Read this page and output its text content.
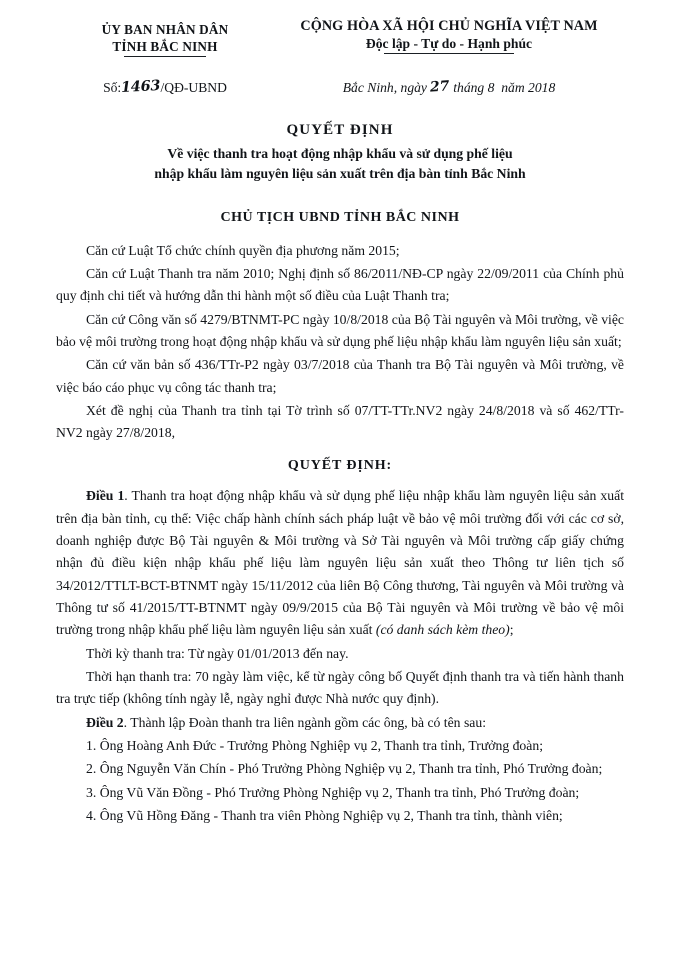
ỦY BAN NHÂN DÂN
TỈNH BẮC NINH
CỘNG HÒA XÃ HỘI CHỦ NGHĨA VIỆT NAM
Độc lập - Tự do - Hạnh phúc
Số:1463/QĐ-UBND	Bắc Ninh, ngày 27 tháng 8 năm 2018
QUYẾT ĐỊNH
Về việc thanh tra hoạt động nhập khẩu và sử dụng phế liệu
nhập khẩu làm nguyên liệu sản xuất trên địa bàn tỉnh Bắc Ninh
CHỦ TỊCH UBND TỈNH BẮC NINH

Căn cứ Luật Tổ chức chính quyền địa phương năm 2015;

Căn cứ Luật Thanh tra năm 2010; Nghị định số 86/2011/NĐ-CP ngày 22/09/2011 của Chính phủ quy định chi tiết và hướng dẫn thi hành một số điều của Luật Thanh tra;

Căn cứ Công văn số 4279/BTNMT-PC ngày 10/8/2018 của Bộ Tài nguyên và Môi trường, về việc bảo vệ môi trường trong hoạt động nhập khẩu và sử dụng phế liệu nhập khẩu làm nguyên liệu sản xuất;

Căn cứ văn bản số 436/TTr-P2 ngày 03/7/2018 của Thanh tra Bộ Tài nguyên và Môi trường, về việc báo cáo phục vụ công tác thanh tra;

Xét đề nghị của Thanh tra tỉnh tại Tờ trình số 07/TT-TTr.NV2 ngày 24/8/2018 và số 462/TTr-NV2 ngày 27/8/2018,

QUYẾT ĐỊNH:

Điều 1. Thanh tra hoạt động nhập khẩu và sử dụng phế liệu nhập khẩu làm nguyên liệu sản xuất trên địa bàn tỉnh, cụ thể: Việc chấp hành chính sách pháp luật về bảo vệ môi trường đối với các cơ sở, doanh nghiệp được Bộ Tài nguyên & Môi trường và Sở Tài nguyên và Môi trường cấp giấy chứng nhận đủ điều kiện nhập khẩu phế liệu làm nguyên liệu sản xuất theo Thông tư liên tịch số 34/2012/TTLT-BCT-BTNMT ngày 15/11/2012 của liên Bộ Công thương, Tài nguyên và Môi trường và Thông tư số 41/2015/TT-BTNMT ngày 09/9/2015 của Bộ Tài nguyên và Môi trường về bảo vệ môi trường trong nhập khẩu phế liệu làm nguyên liệu sản xuất (có danh sách kèm theo);

Thời kỳ thanh tra: Từ ngày 01/01/2013 đến nay.

Thời hạn thanh tra: 70 ngày làm việc, kể từ ngày công bố Quyết định thanh tra và tiến hành thanh tra trực tiếp (không tính ngày lễ, ngày nghỉ được Nhà nước quy định).

Điều 2. Thành lập Đoàn thanh tra liên ngành gồm các ông, bà có tên sau:

1. Ông Hoàng Anh Đức - Trưởng Phòng Nghiệp vụ 2, Thanh tra tỉnh, Trưởng đoàn;

2. Ông Nguyễn Văn Chín - Phó Trưởng Phòng Nghiệp vụ 2, Thanh tra tỉnh, Phó Trưởng đoàn;

3. Ông Vũ Văn Đồng - Phó Trưởng Phòng Nghiệp vụ 2, Thanh tra tỉnh, Phó Trưởng đoàn;

4. Ông Vũ Hồng Đăng - Thanh tra viên Phòng Nghiệp vụ 2, Thanh tra tỉnh, thành viên;
